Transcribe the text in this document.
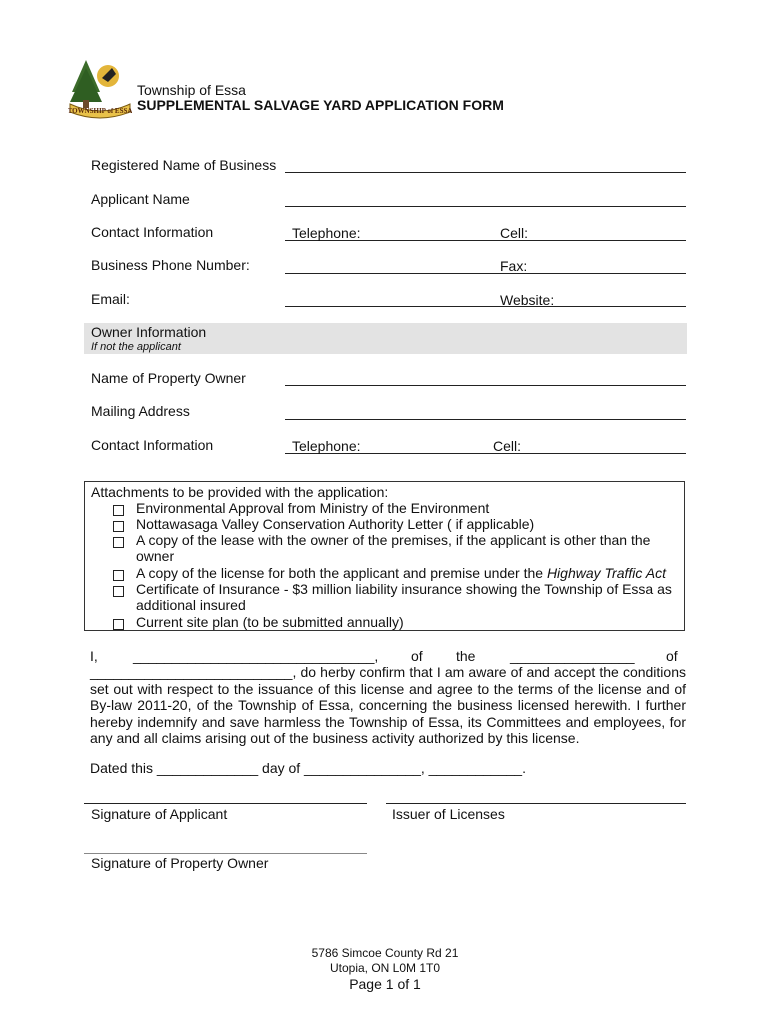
TOWNSHIP of ESSA
Township of Essa
SUPPLEMENTAL SALVAGE YARD APPLICATION FORM
Registered Name of Business
Applicant Name
Contact Information	Telephone:	Cell:
Business Phone Number:	Fax:
Email:	Website:
Owner Information
If not the applicant
Name of Property Owner
Mailing Address
Contact Information	Telephone:	Cell:
Attachments to be provided with the application:
Environmental Approval from Ministry of the Environment
Nottawasaga Valley Conservation Authority Letter ( if applicable)
A copy of the lease with the owner of the premises, if the applicant is other than the
owner
A copy of the license for both the applicant and premise under the Highway Traffic Act
Certificate of Insurance - $3 million liability insurance showing the Township of Essa as
additional insured
Current site plan (to be submitted annually)
I,	_______________________________, of the ________________ of
__________________________, do herby confirm that I am aware of and accept the conditions
set out with respect to the issuance of this license and agree to the terms of the license and of
By-law 2011-20, of the Township of Essa, concerning the business licensed herewith. I further
hereby indemnify and save harmless the Township of Essa, its Committees and employees, for
any and all claims arising out of the business activity authorized by this license.
Dated this _____________ day of _______________, ____________.
Signature of Applicant	Issuer of Licenses
Signature of Property Owner
5786 Simcoe County Rd 21
Utopia, ON L0M 1T0
Page 1 of 1
